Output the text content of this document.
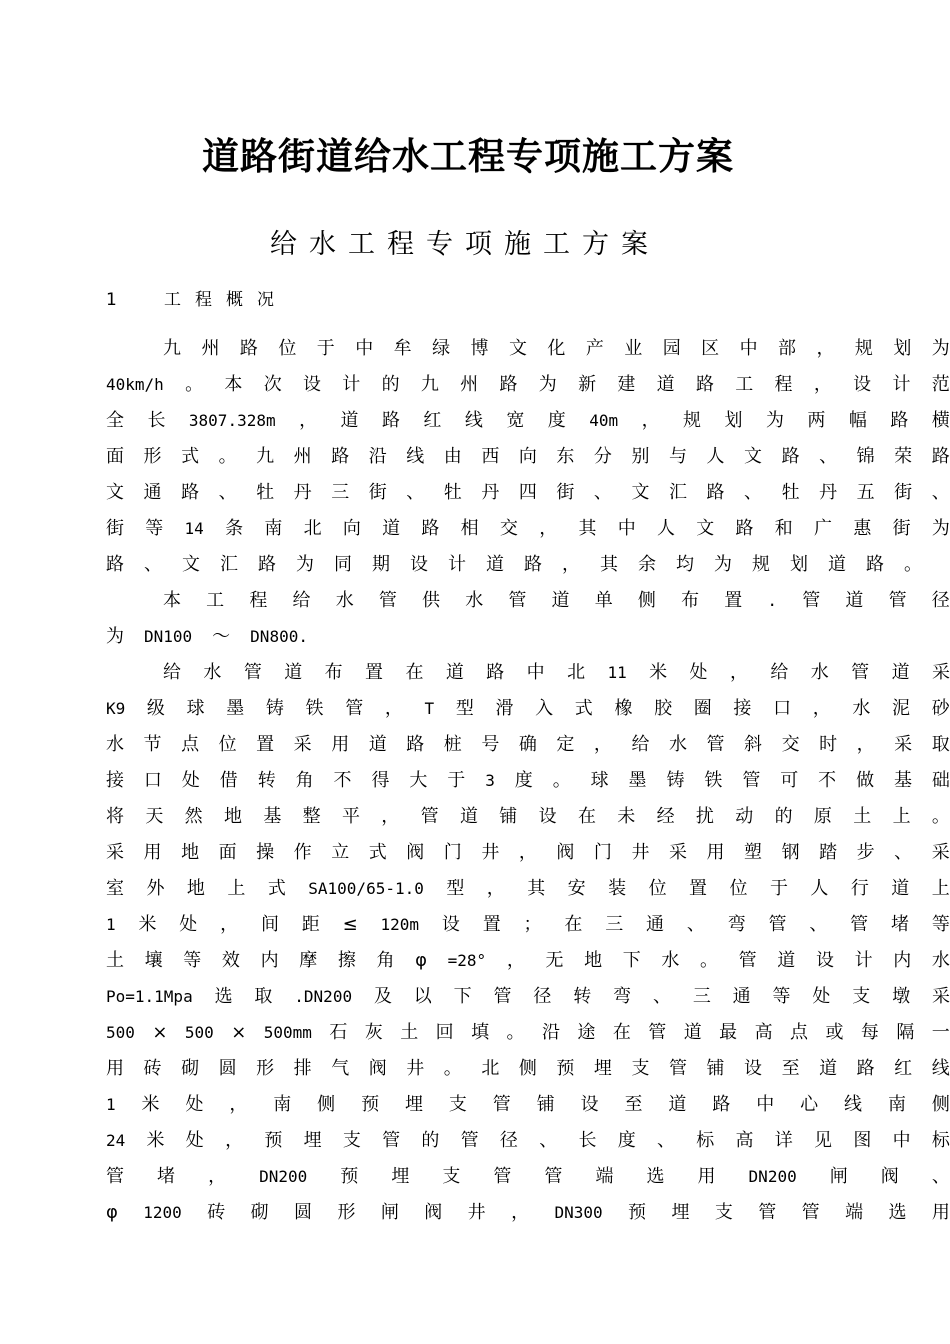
道路街道给水工程专项施工方案
给水工程专项施工方案
1	工程概况
九 州 路 位 于 中 牟 绿 博 文 化 产 业 园 区 中 部 ， 规 划 为
40km/h 。 本 次 设 计 的 九 州 路 为 新 建 道 路 工 程 ， 设 计 范
全 长 3807.328m ， 道 路 红 线 宽 度 40m ， 规 划 为 两 幅 路 横
面 形 式 。 九 州 路 沿 线 由 西 向 东 分 别 与 人 文 路 、 锦 荣 路
文 通 路 、 牡 丹 三 街 、 牡 丹 四 街 、 文 汇 路 、 牡 丹 五 街 、
街 等 14 条 南 北 向 道 路 相 交 ， 其 中 人 文 路 和 广 惠 街 为
路 、 文 汇 路 为 同 期 设 计 道 路 ， 其 余 均 为 规 划 道 路 。
本 工 程 给 水 管 供 水 管 道 单 侧 布 置 . 管 道 管 径
为 DN100 ～ DN800.
给 水 管 道 布 置 在 道 路 中 北 11 米 处 ， 给 水 管 道 采
K9 级 球 墨 铸 铁 管 ， T 型 滑 入 式 橡 胶 圈 接 口 ， 水 泥 砂
水 节 点 位 置 采 用 道 路 桩 号 确 定 ， 给 水 管 斜 交 时 ， 采 取
接 口 处 借 转 角 不 得 大 于 3 度 。 球 墨 铸 铁 管 可 不 做 基 础
将 天 然 地 基 整 平 ， 管 道 铺 设 在 未 经 扰 动 的 原 土 上 。
采 用 地 面 操 作 立 式 阀 门 井 ， 阀 门 井 采 用 塑 钢 踏 步 、 采
室 外 地 上 式 SA100/65-1.0 型 ， 其 安 装 位 置 位 于 人 行 道 上
1 米 处 ， 间 距 ≤ 120m 设 置 ； 在 三 通 、 弯 管 、 管 堵 等
土 壤 等 效 内 摩 擦 角 φ =28° ， 无 地 下 水 。 管 道 设 计 内 水
Po=1.1Mpa 选 取 .DN200 及 以 下 管 径 转 弯 、 三 通 等 处 支 墩 采
500 × 500 × 500mm 石 灰 土 回 填 。 沿 途 在 管 道 最 高 点 或 每 隔 一
用 砖 砌 圆 形 排 气 阀 井 。 北 侧 预 埋 支 管 铺 设 至 道 路 红 线
1 米 处 ， 南 侧 预 埋 支 管 铺 设 至 道 路 中 心 线 南 侧
24 米 处 ， 预 埋 支 管 的 管 径 、 长 度 、 标 高 详 见 图 中 标
管 堵 ， DN200 预 埋 支 管 管 端 选 用 DN200 闸 阀 、
φ 1200 砖 砌 圆 形 闸 阀 井 ， DN300 预 埋 支 管 管 端 选 用
